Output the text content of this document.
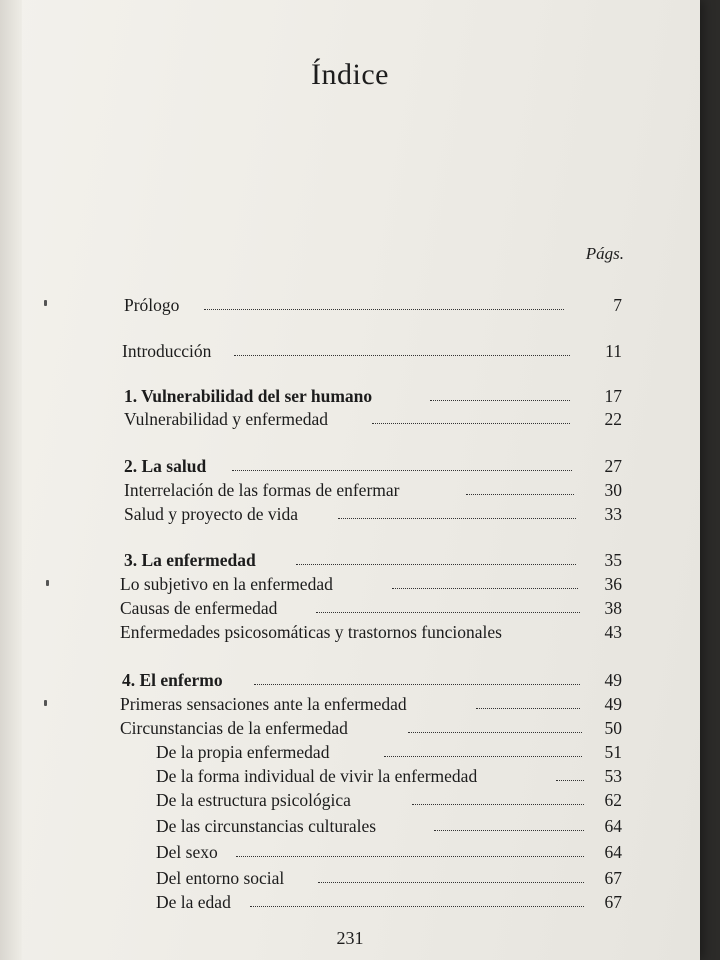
Índice
Págs.
Prólogo	7
Introducción	11
1. Vulnerabilidad del ser humano	17
Vulnerabilidad y enfermedad	22
2. La salud	27
Interrelación de las formas de enfermar	30
Salud y proyecto de vida	33
3. La enfermedad	35
Lo subjetivo en la enfermedad	36
Causas de enfermedad	38
Enfermedades psicosomáticas y trastornos funcionales	43
4. El enfermo	49
Primeras sensaciones ante la enfermedad	49
Circunstancias de la enfermedad	50
De la propia enfermedad	51
De la forma individual de vivir la enfermedad	53
De la estructura psicológica	62
De las circunstancias culturales	64
Del sexo	64
Del entorno social	67
De la edad	67
231
